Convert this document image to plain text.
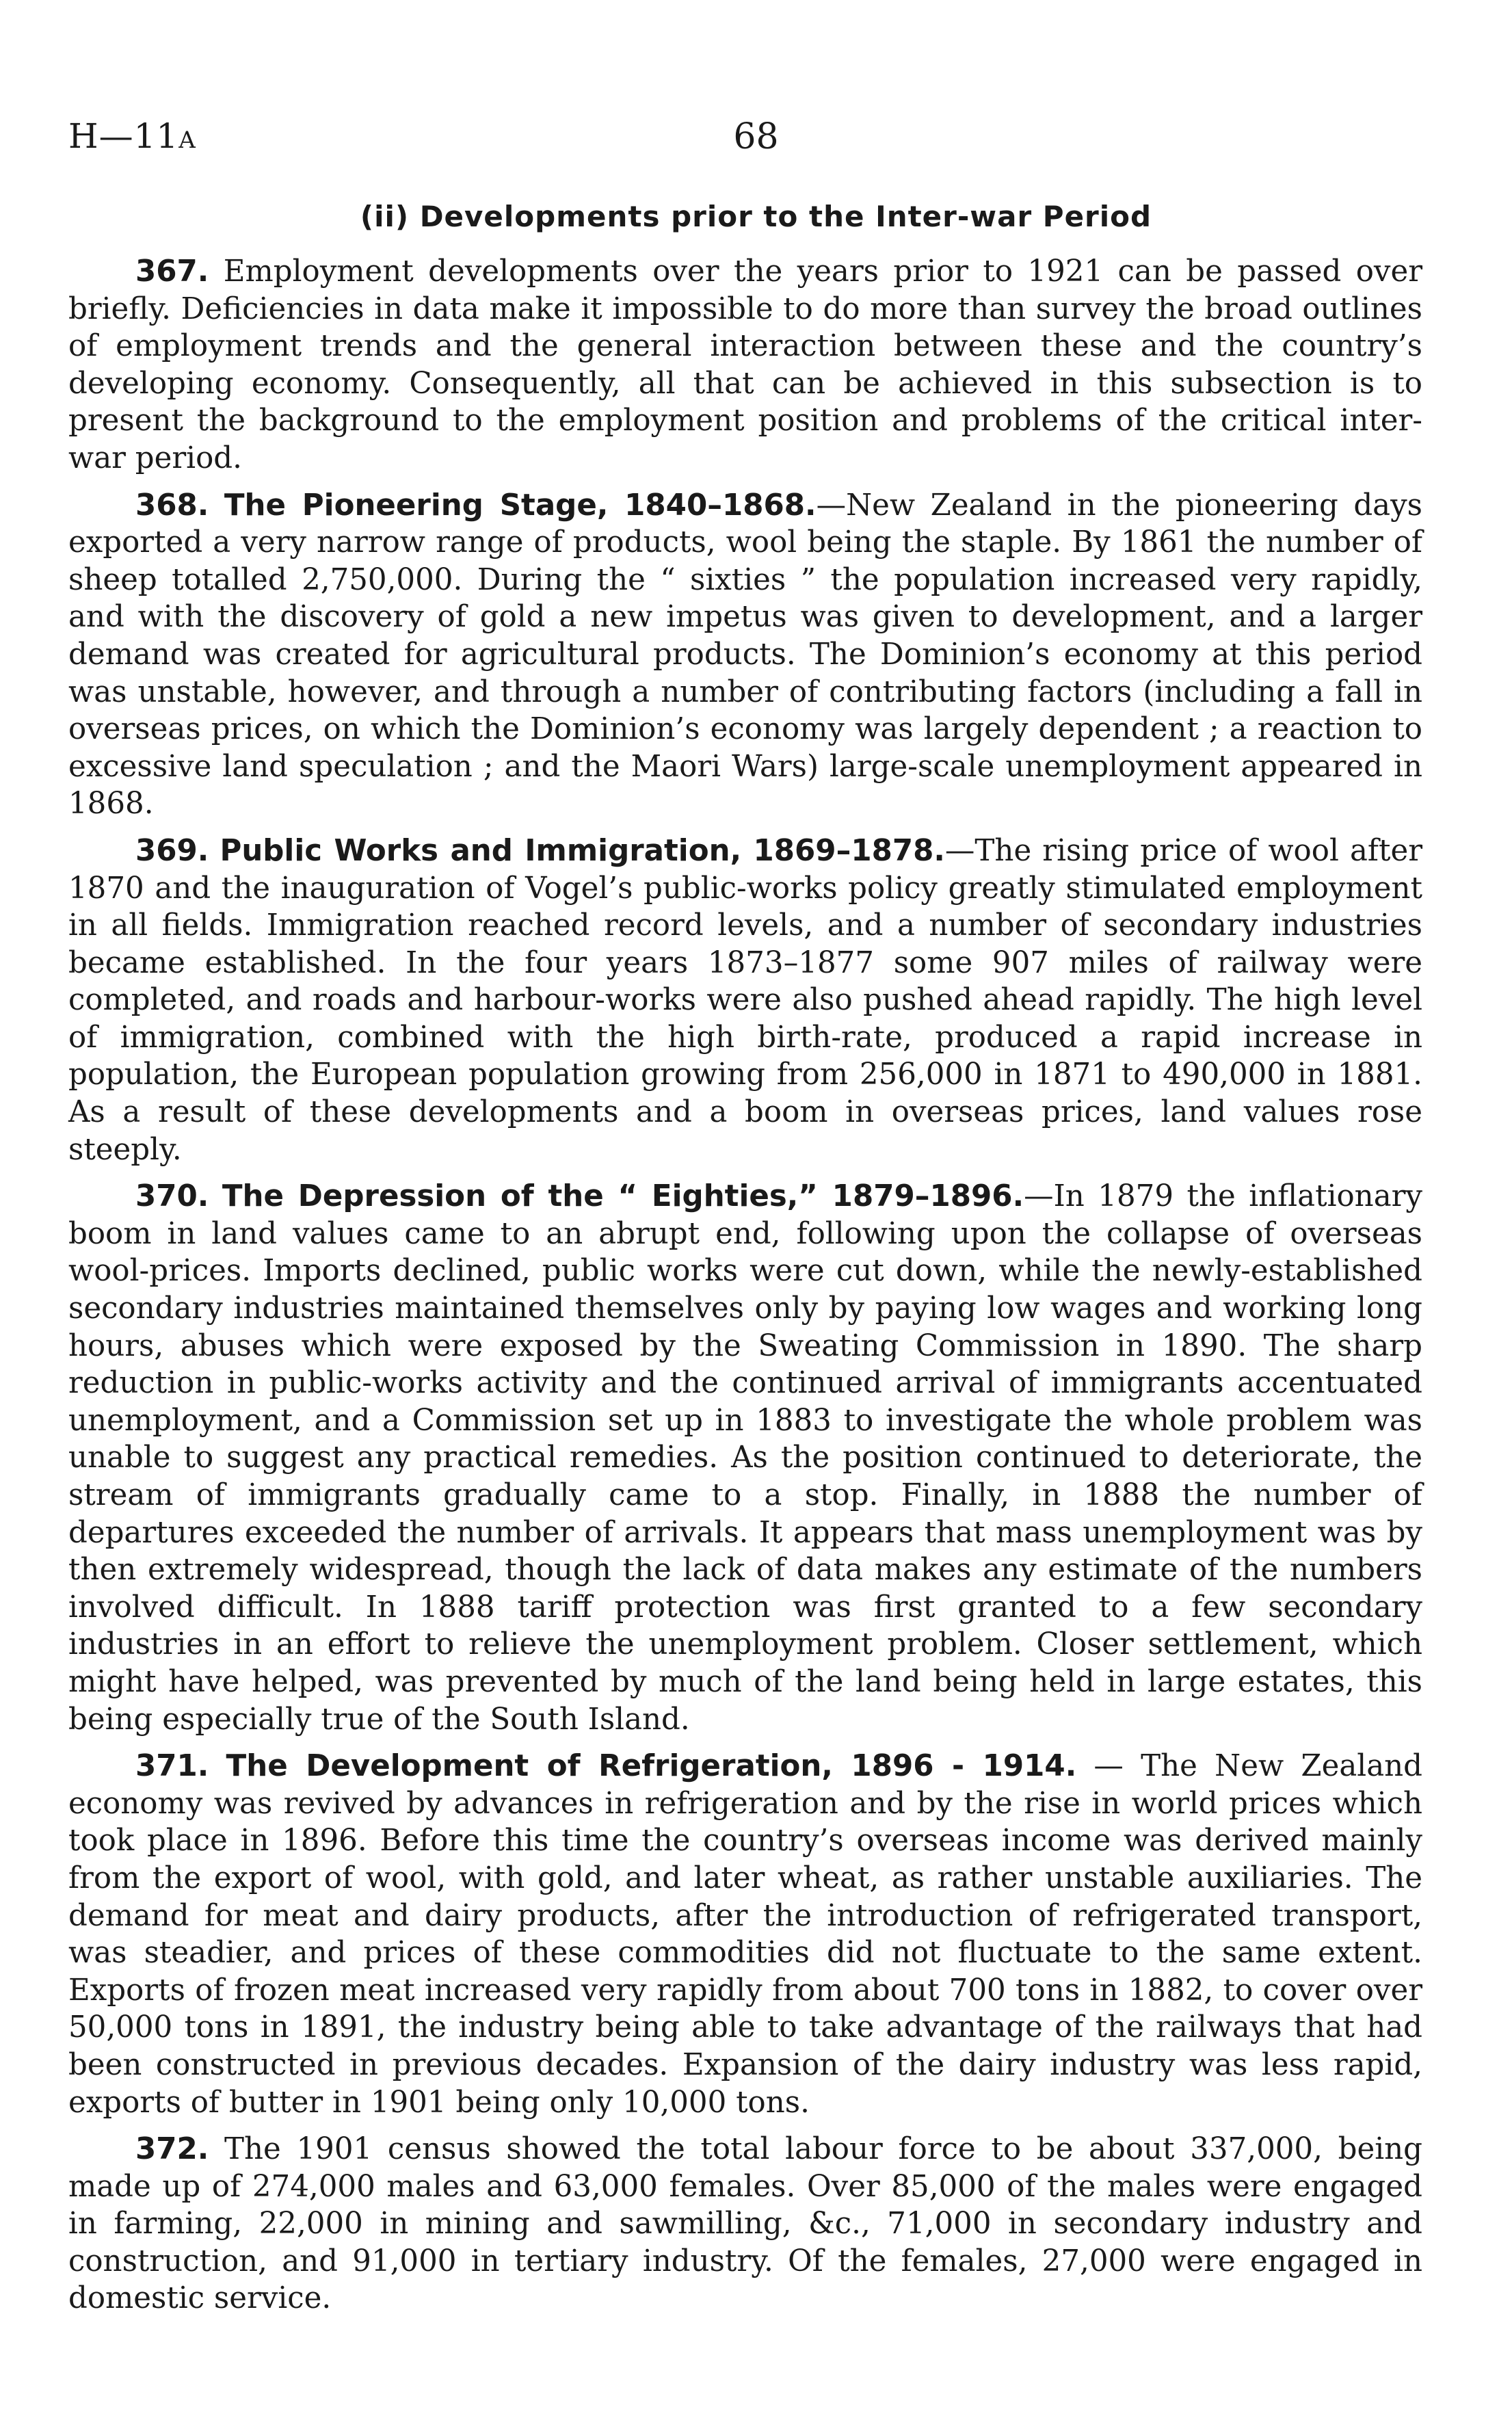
H—11A	68
(ii) Developments prior to the Inter-war Period

367. Employment developments over the years prior to 1921 can be passed over briefly. Deficiencies in data make it impossible to do more than survey the broad outlines of employment trends and the general interaction between these and the country’s developing economy. Consequently, all that can be achieved in this subsection is to present the background to the employment position and problems of the critical inter-war period.

368. The Pioneering Stage, 1840–1868.—New Zealand in the pioneering days exported a very narrow range of products, wool being the staple. By 1861 the number of sheep totalled 2,750,000. During the “ sixties ” the population increased very rapidly, and with the discovery of gold a new impetus was given to development, and a larger demand was created for agricultural products. The Dominion’s economy at this period was unstable, however, and through a number of contributing factors (including a fall in overseas prices, on which the Dominion’s economy was largely dependent ; a reaction to excessive land speculation ; and the Maori Wars) large-scale unemployment appeared in 1868.

369. Public Works and Immigration, 1869–1878.—The rising price of wool after 1870 and the inauguration of Vogel’s public-works policy greatly stimulated employment in all fields. Immigration reached record levels, and a number of secondary industries became established. In the four years 1873–1877 some 907 miles of railway were completed, and roads and harbour-works were also pushed ahead rapidly. The high level of immigration, combined with the high birth-rate, produced a rapid increase in population, the European population growing from 256,000 in 1871 to 490,000 in 1881. As a result of these developments and a boom in overseas prices, land values rose steeply.

370. The Depression of the “ Eighties,” 1879–1896.—In 1879 the inflationary boom in land values came to an abrupt end, following upon the collapse of overseas wool-prices. Imports declined, public works were cut down, while the newly-established secondary industries maintained themselves only by paying low wages and working long hours, abuses which were exposed by the Sweating Commission in 1890. The sharp reduction in public-works activity and the continued arrival of immigrants accentuated unemployment, and a Commission set up in 1883 to investigate the whole problem was unable to suggest any practical remedies. As the position continued to deteriorate, the stream of immigrants gradually came to a stop. Finally, in 1888 the number of departures exceeded the number of arrivals. It appears that mass unemployment was by then extremely widespread, though the lack of data makes any estimate of the numbers involved difficult. In 1888 tariff protection was first granted to a few secondary industries in an effort to relieve the unemployment problem. Closer settlement, which might have helped, was prevented by much of the land being held in large estates, this being especially true of the South Island.

371. The Development of Refrigeration, 1896 - 1914. — The New Zealand economy was revived by advances in refrigeration and by the rise in world prices which took place in 1896. Before this time the country’s overseas income was derived mainly from the export of wool, with gold, and later wheat, as rather unstable auxiliaries. The demand for meat and dairy products, after the introduction of refrigerated transport, was steadier, and prices of these commodities did not fluctuate to the same extent. Exports of frozen meat increased very rapidly from about 700 tons in 1882, to cover over 50,000 tons in 1891, the industry being able to take advantage of the railways that had been constructed in previous decades. Expansion of the dairy industry was less rapid, exports of butter in 1901 being only 10,000 tons.

372. The 1901 census showed the total labour force to be about 337,000, being made up of 274,000 males and 63,000 females. Over 85,000 of the males were engaged in farming, 22,000 in mining and sawmilling, &c., 71,000 in secondary industry and construction, and 91,000 in tertiary industry. Of the females, 27,000 were engaged in domestic service.
